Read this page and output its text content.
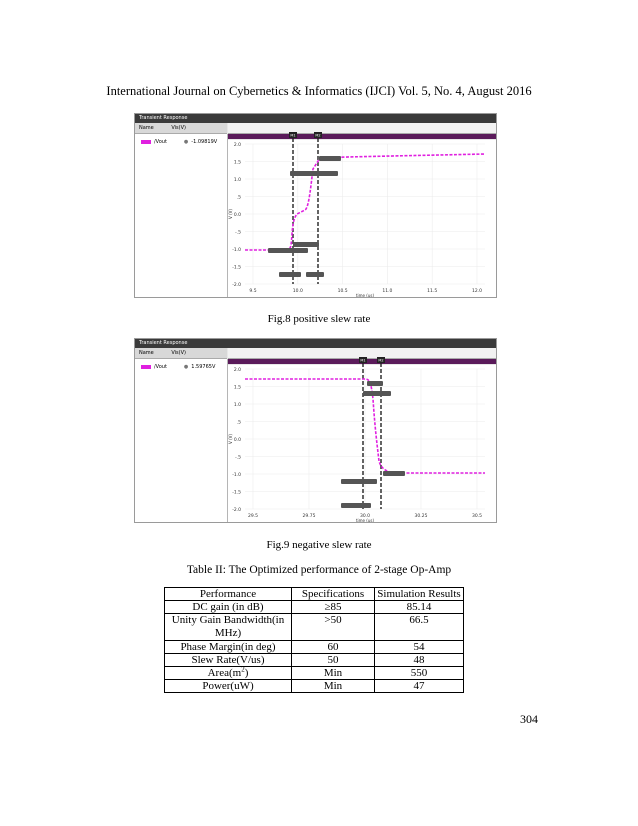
International Journal on Cybernetics & Informatics (IJCI) Vol. 5, No. 4, August 2016
Transient Response
Name	Vis(V)
/Vout	● -1.09819V
2.0
1.5
1.0
.5
0.0
-.5
-1.0
-1.5
-2.0
9.5	10.0	10.5	11.0	11.5	12.0
time (us)
V (V)
M1	M2
Fig.8 positive slew rate
Transient Response
Name	Vis(V)
/Vout	● 1.59765V
2.0
1.5
1.0
.5
0.0
-.5
-1.0
-1.5
-2.0
29.5	29.75	30.0	30.25	30.5
time (us)
V (V)
M1	M2
Fig.9 negative slew rate
Table II: The Optimized performance of 2-stage Op-Amp
Performance	Specifications	Simulation Results
DC gain (in dB)	≥85	85.14
Unity Gain Bandwidth(in MHz)	>50	66.5
Phase Margin(in deg)	60	54
Slew Rate(V/us)	50	48
$Area(m^2)$	Min	550
Power(uW)	Min	47
304
